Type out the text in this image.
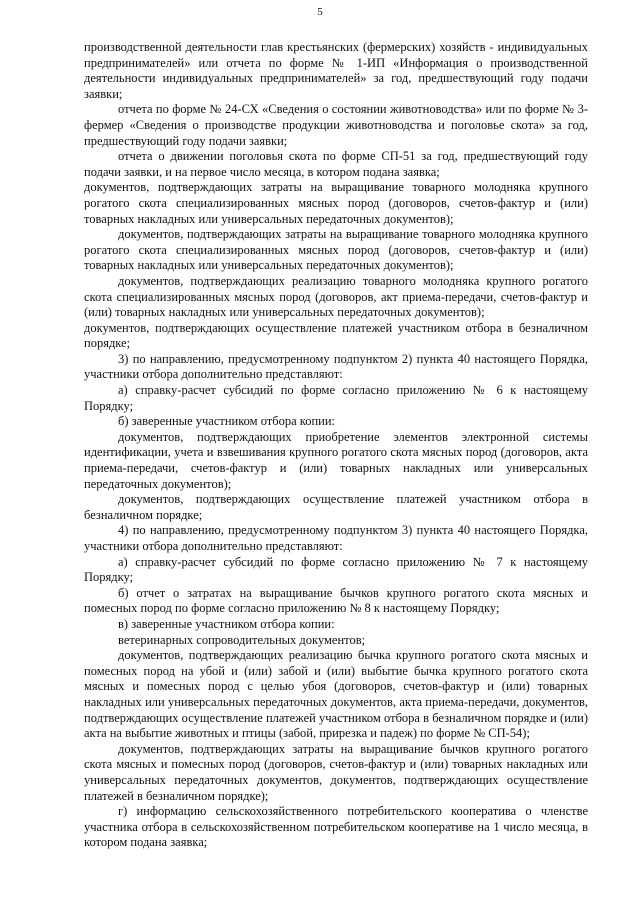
5

производственной деятельности глав крестьянских (фермерских) хозяйств - индивидуальных предпринимателей» или отчета по форме № 1-ИП «Информация о производственной деятельности индивидуальных предпринимателей» за год, предшествующий году подачи заявки;

отчета по форме № 24-СХ «Сведения о состоянии животноводства» или по форме № 3-фермер «Сведения о производстве продукции животноводства и поголовье скота» за год, предшествующий году подачи заявки;

отчета о движении поголовья скота по форме СП-51 за год, предшествующий году подачи заявки, и на первое число месяца, в котором подана заявка;

документов, подтверждающих затраты на выращивание товарного молодняка крупного рогатого скота специализированных мясных пород (договоров, счетов-фактур и (или) товарных накладных или универсальных передаточных документов);

документов, подтверждающих затраты на выращивание товарного молодняка крупного рогатого скота специализированных мясных пород (договоров, счетов-фактур и (или) товарных накладных или универсальных передаточных документов);

документов, подтверждающих реализацию товарного молодняка крупного рогатого скота специализированных мясных пород (договоров, акт приема-передачи, счетов-фактур и (или) товарных накладных или универсальных передаточных документов);

документов, подтверждающих осуществление платежей участником отбора в безналичном порядке;

3) по направлению, предусмотренному подпунктом 2) пункта 40 настоящего Порядка, участники отбора дополнительно представляют:

а) справку-расчет субсидий по форме согласно приложению № 6 к настоящему Порядку;

б) заверенные участником отбора копии:

документов, подтверждающих приобретение элементов электронной системы идентификации, учета и взвешивания крупного рогатого скота мясных пород (договоров, акта приема-передачи, счетов-фактур и (или) товарных накладных или универсальных передаточных документов);

документов, подтверждающих осуществление платежей участником отбора в безналичном порядке;

4) по направлению, предусмотренному подпунктом 3) пункта 40 настоящего Порядка, участники отбора дополнительно представляют:

а) справку-расчет субсидий по форме согласно приложению № 7 к настоящему Порядку;

б) отчет о затратах на выращивание бычков крупного рогатого скота мясных и помесных пород по форме согласно приложению № 8 к настоящему Порядку;

в) заверенные участником отбора копии:

ветеринарных сопроводительных документов;

документов, подтверждающих реализацию бычка крупного рогатого скота мясных и помесных пород на убой и (или) забой и (или) выбытие бычка крупного рогатого скота мясных и помесных пород с целью убоя (договоров, счетов-фактур и (или) товарных накладных или универсальных передаточных документов, акта приема-передачи, документов, подтверждающих осуществление платежей участником отбора в безналичном порядке и (или) акта на выбытие животных и птицы (забой, прирезка и падеж) по форме № СП-54);

документов, подтверждающих затраты на выращивание бычков крупного рогатого скота мясных и помесных пород (договоров, счетов-фактур и (или) товарных накладных или универсальных передаточных документов, документов, подтверждающих осуществление платежей в безналичном порядке);

г) информацию сельскохозяйственного потребительского кооператива о членстве участника отбора в сельскохозяйственном потребительском кооперативе на 1 число месяца, в котором подана заявка;
